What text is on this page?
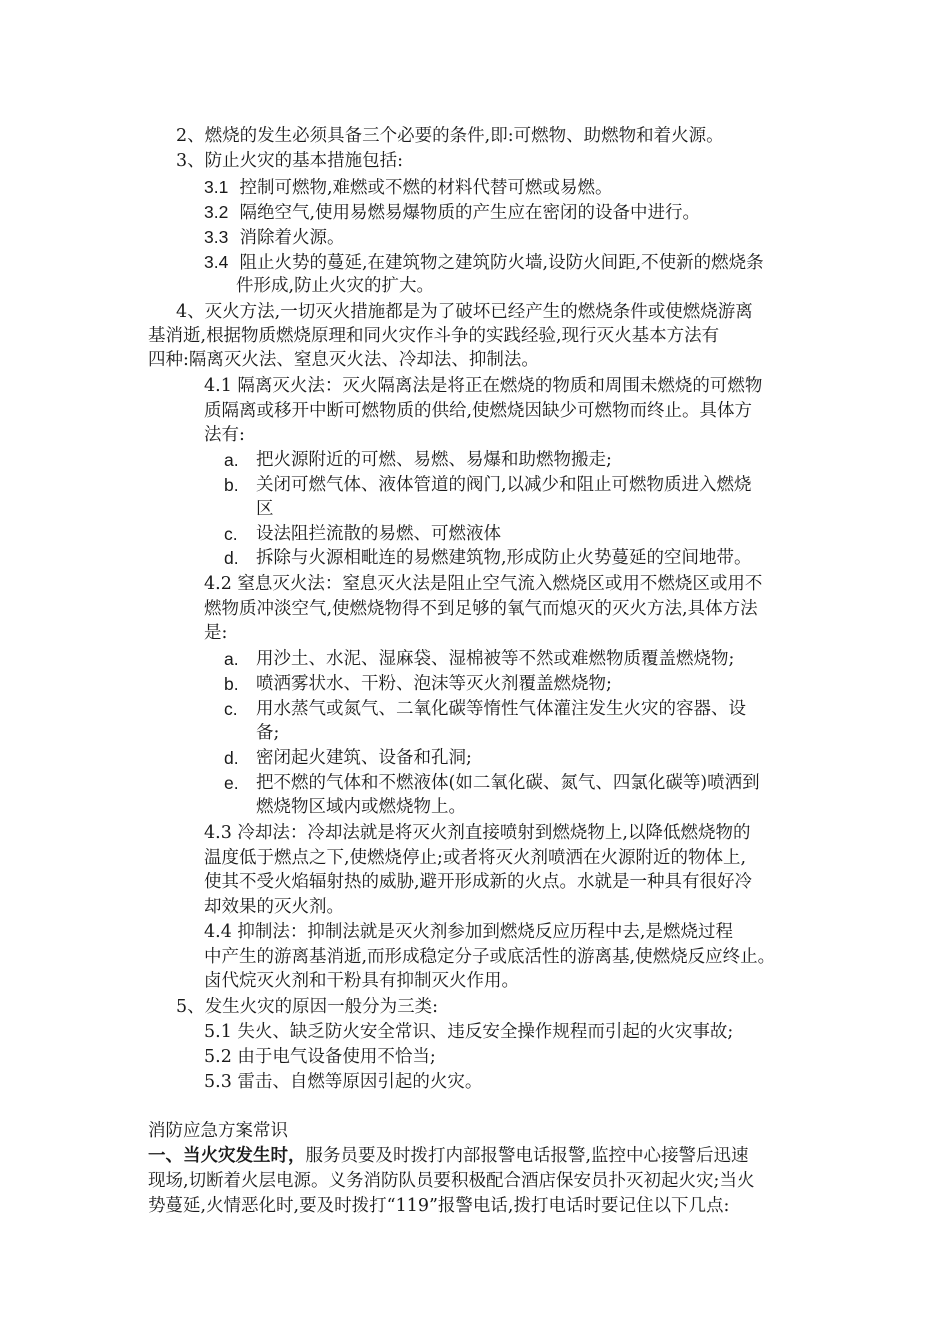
2、燃烧的发生必须具备三个必要的条件,即:可燃物、助燃物和着火源。
3、防止火灾的基本措施包括:
3.1 控制可燃物,难燃或不燃的材料代替可燃或易燃。
3.2 隔绝空气,使用易燃易爆物质的产生应在密闭的设备中进行。
3.3 消除着火源。
3.4 阻止火势的蔓延,在建筑物之建筑防火墙,设防火间距,不使新的燃烧条
件形成,防止火灾的扩大。
4、灭火方法,一切灭火措施都是为了破坏已经产生的燃烧条件或使燃烧游离
基消逝,根据物质燃烧原理和同火灾作斗争的实践经验,现行灭火基本方法有
四种:隔离灭火法、窒息灭火法、冷却法、抑制法。
4.1 隔离灭火法：灭火隔离法是将正在燃烧的物质和周围未燃烧的可燃物
质隔离或移开中断可燃物质的供给,使燃烧因缺少可燃物而终止。具体方
法有:
a. 把火源附近的可燃、易燃、易爆和助燃物搬走;
b. 关闭可燃气体、液体管道的阀门,以减少和阻止可燃物质进入燃烧
区
c. 设法阻拦流散的易燃、可燃液体
d. 拆除与火源相毗连的易燃建筑物,形成防止火势蔓延的空间地带。
4.2 窒息灭火法：窒息灭火法是阻止空气流入燃烧区或用不燃烧区或用不
燃物质冲淡空气,使燃烧物得不到足够的氧气而熄灭的灭火方法,具体方法
是:
a. 用沙土、水泥、湿麻袋、湿棉被等不然或难燃物质覆盖燃烧物;
b. 喷洒雾状水、干粉、泡沫等灭火剂覆盖燃烧物;
c. 用水蒸气或氮气、二氧化碳等惰性气体灌注发生火灾的容器、设
备;
d. 密闭起火建筑、设备和孔洞;
e. 把不燃的气体和不燃液体(如二氧化碳、氮气、四氯化碳等)喷洒到
燃烧物区域内或燃烧物上。
4.3 冷却法：冷却法就是将灭火剂直接喷射到燃烧物上,以降低燃烧物的
温度低于燃点之下,使燃烧停止;或者将灭火剂喷洒在火源附近的物体上,
使其不受火焰辐射热的威胁,避开形成新的火点。水就是一种具有很好冷
却效果的灭火剂。
4.4 抑制法：抑制法就是灭火剂参加到燃烧反应历程中去,是燃烧过程
中产生的游离基消逝,而形成稳定分子或底活性的游离基,使燃烧反应终止。
卤代烷灭火剂和干粉具有抑制灭火作用。
5、发生火灾的原因一般分为三类:
5.1 失火、缺乏防火安全常识、违反安全操作规程而引起的火灾事故;
5.2 由于电气设备使用不恰当;
5.3 雷击、自燃等原因引起的火灾。
消防应急方案常识
一、当火灾发生时，服务员要及时拨打内部报警电话报警,监控中心接警后迅速
现场,切断着火层电源。义务消防队员要积极配合酒店保安员扑灭初起火灾;当火
势蔓延,火情恶化时,要及时拨打“119”报警电话,拨打电话时要记住以下几点:
